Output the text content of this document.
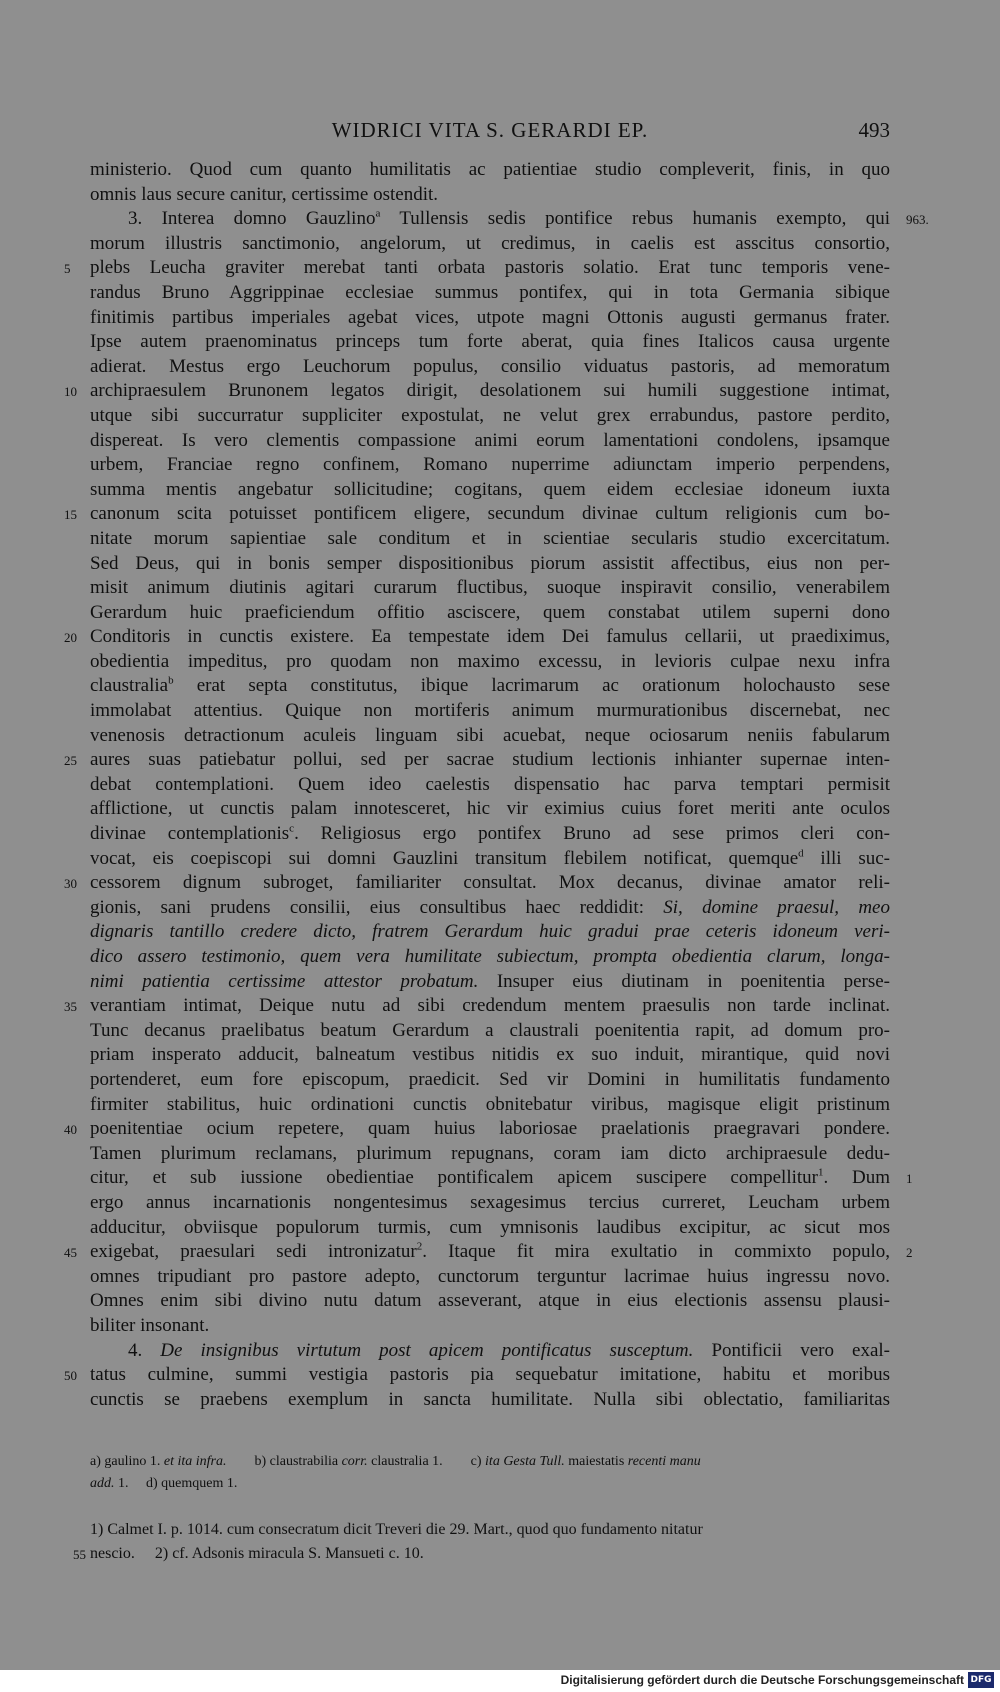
WIDRICI VITA S. GERARDI EP.	493
ministerio. Quod cum quanto humilitatis ac patientiae studio compleverit, finis, in quo
omnis laus secure canitur, certissime ostendit.
3. Interea domno Gauzlino$^a$ Tullensis sedis pontifice rebus humanis exempto, qui 963.
morum illustris sanctimonio, angelorum, ut credimus, in caelis est asscitus consortio,
5	plebs Leucha graviter merebat tanti orbata pastoris solatio. Erat tunc temporis vene-
randus Bruno Aggrippinae ecclesiae summus pontifex, qui in tota Germania sibique
finitimis partibus imperiales agebat vices, utpote magni Ottonis augusti germanus frater.
Ipse autem praenominatus princeps tum forte aberat, quia fines Italicos causa urgente
adierat. Mestus ergo Leuchorum populus, consilio viduatus pastoris, ad memoratum
10 archipraesulem Brunonem legatos dirigit, desolationem sui humili suggestione intimat,
utque sibi succurratur suppliciter expostulat, ne velut grex errabundus, pastore perdito,
dispereat. Is vero clementis compassione animi eorum lamentationi condolens, ipsamque
urbem, Franciae regno confinem, Romano nuperrime adiunctam imperio perpendens,
summa mentis angebatur sollicitudine; cogitans, quem eidem ecclesiae idoneum iuxta
15 canonum scita potuisset pontificem eligere, secundum divinae cultum religionis cum bo-
nitate morum sapientiae sale conditum et in scientiae secularis studio excercitatum.
Sed Deus, qui in bonis semper dispositionibus piorum assistit affectibus, eius non per-
misit animum diutinis agitari curarum fluctibus, suoque inspiravit consilio, venerabilem
Gerardum huic praeficiendum offitio asciscere, quem constabat utilem superni dono
20 Conditoris in cunctis existere. Ea tempestate idem Dei famulus cellarii, ut praediximus,
obedientia impeditus, pro quodam non maximo excessu, in levioris culpae nexu infra
claustralia$^b$ erat septa constitutus, ibique lacrimarum ac orationum holochausto sese
immolabat attentius. Quique non mortiferis animum murmurationibus discernebat, nec
venenosis detractionum aculeis linguam sibi acuebat, neque ociosarum neniis fabularum
25 aures suas patiebatur pollui, sed per sacrae studium lectionis inhianter supernae inten-
debat contemplationi. Quem ideo caelestis dispensatio hac parva temptari permisit
afflictione, ut cunctis palam innotesceret, hic vir eximius cuius foret meriti ante oculos
divinae contemplationis$^c$. Religiosus ergo pontifex Bruno ad sese primos cleri con-
vocat, eis coepiscopi sui domni Gauzlini transitum flebilem notificat, quemque$^d$ illi suc-
30 cessorem dignum subroget, familiariter consultat. Mox decanus, divinae amator reli-
gionis, sani prudens consilii, eius consultibus haec reddidit: Si, domine praesul, meo
dignaris tantillo credere dicto, fratrem Gerardum huic gradui prae ceteris idoneum veri-
dico assero testimonio, quem vera humilitate subiectum, prompta obedientia clarum, longa-
nimi patientia certissime attestor probatum. Insuper eius diutinam in poenitentia perse-
35 verantiam intimat, Deique nutu ad sibi credendum mentem praesulis non tarde inclinat.
Tunc decanus praelibatus beatum Gerardum a claustrali poenitentia rapit, ad domum pro-
priam insperato adducit, balneatum vestibus nitidis ex suo induit, mirantique, quid novi
portenderet, eum fore episcopum, praedicit. Sed vir Domini in humilitatis fundamento
firmiter stabilitus, huic ordinationi cunctis obnitebatur viribus, magisque eligit pristinum
40 poenitentiae ocium repetere, quam huius laboriosae praelationis praegravari pondere.
Tamen plurimum reclamans, plurimum repugnans, coram iam dicto archipraesule dedu-
citur, et sub iussione obedientiae pontificalem apicem suscipere compellitur$^1$. Dum 1
ergo annus incarnationis nongentesimus sexagesimus tercius curreret, Leucham urbem
adducitur, obviisque populorum turmis, cum ymnisonis laudibus excipitur, ac sicut mos
45 exigebat, praesulari sedi intronizatur$^2$. Itaque fit mira exultatio in commixto populo, 2
omnes tripudiant pro pastore adepto, cunctorum terguntur lacrimae huius ingressu novo.
Omnes enim sibi divino nutu datum asseverant, atque in eius electionis assensu plausi-
biliter insonant.
4. De insignibus virtutum post apicem pontificatus susceptum. Pontificii vero exal-
50 tatus culmine, summi vestigia pastoris pia sequebatur imitatione, habitu et moribus
cunctis se praebens exemplum in sancta humilitate. Nulla sibi oblectatio, familiaritas
a) gaulino 1. et ita infra.        b) claustrabilia corr. claustralia 1.        c) ita Gesta Tull. maiestatis recenti manu
add. 1.     d) quemquem 1.
1) Calmet I. p. 1014. cum consecratum dicit Treveri die 29. Mart., quod quo fundamento nitatur
55 nescio.     2) cf. Adsonis miracula S. Mansueti c. 10.
Digitalisierung gefördert durch die Deutsche Forschungsgemeinschaft DFG
